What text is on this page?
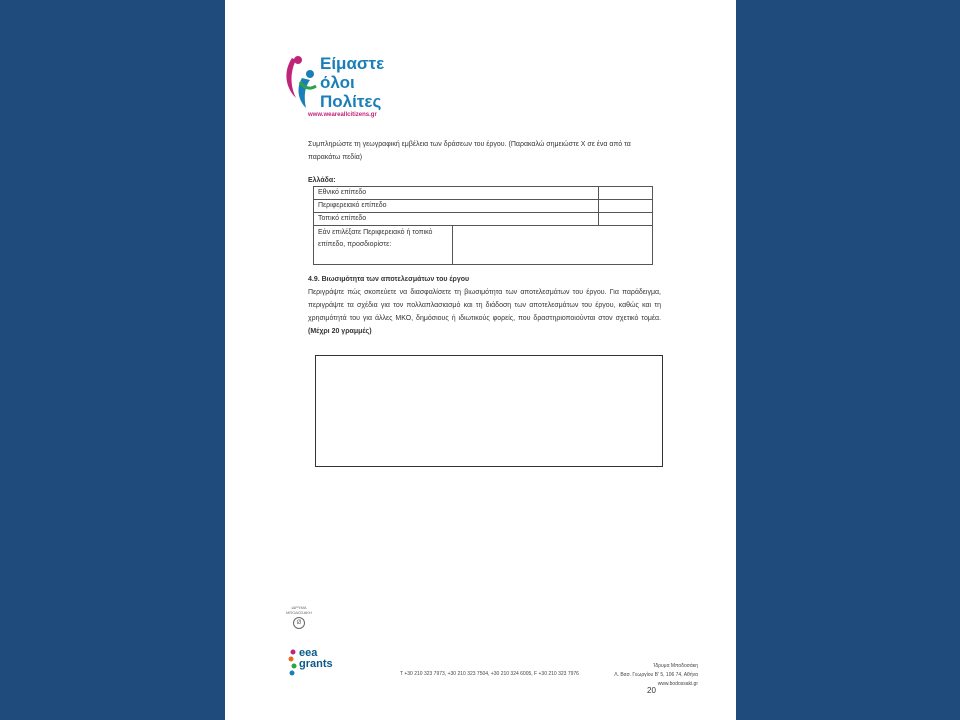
Είμαστε
όλοι
Πολίτες
www.weareallcitizens.gr
Συμπληρώστε τη γεωγραφική εμβέλεια των δράσεων του έργου. (Παρακαλώ σημειώστε Χ σε ένα από τα παρακάτω πεδία)
Ελλάδα:
Εθνικό επίπεδο		
Περιφερειακό επίπεδο		
Τοπικό επίπεδο		
Εάν επιλέξατε Περιφερειακό ή τοπικό επίπεδο, προσδιορίστε:		
4.9. Βιωσιμότητα των αποτελεσμάτων του έργου
Περιγράψτε πώς σκοπεύετε να διασφαλίσετε τη βιωσιμότητα των αποτελεσμάτων του έργου. Για παράδειγμα, περιγράψτε τα σχέδια για τον πολλαπλασιασμό και τη διάδοση των αποτελεσμάτων του έργου, καθώς και τη χρησιμότητά του για άλλες ΜΚΟ, δημόσιους ή ιδιωτικούς φορείς, που δραστηριοποιούνται στον σχετικό τομέα. (Μέχρι 20 γραμμές)
ΙΔΡΥΜΑ ΜΠΟΔΟΣΑΚΗ
Ø
eea
grants	Ίδρυμα Μποδοσάκη
Λ. Βασ. Γεωργίου Β' 5, 106 74, Αθήνα
www.bodossaki.gr
T +30 210 323 7973, +30 210 323 7504, +30 210 324 6005, F +30 210 323 7976
20
